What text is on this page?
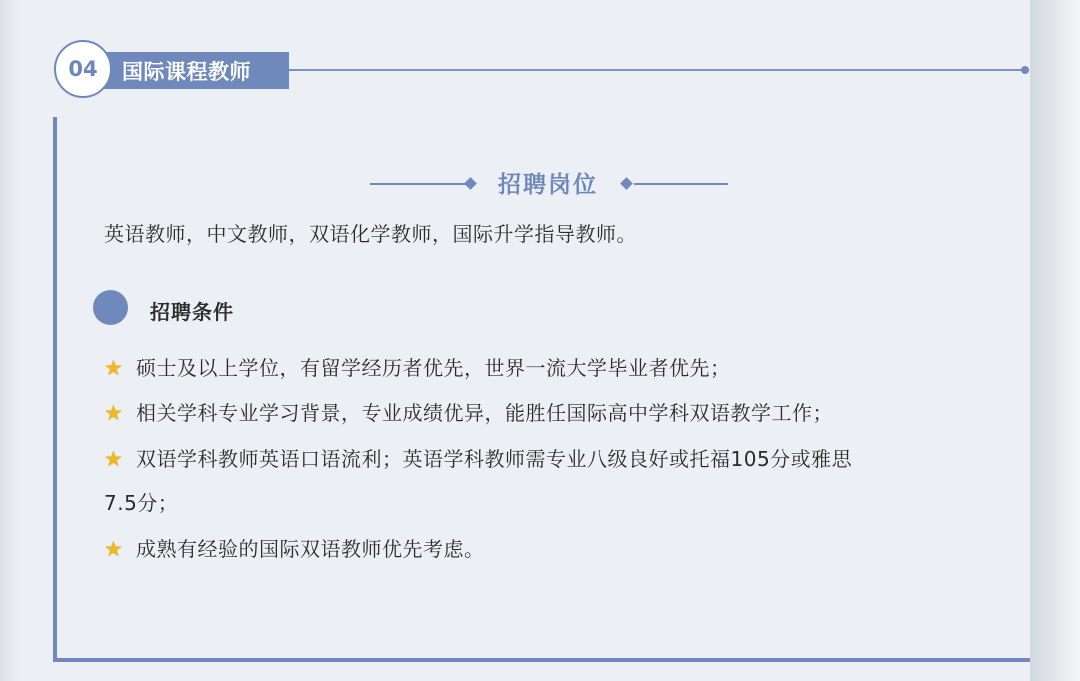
国际课程教师
04
招聘岗位
英语教师，中文教师，双语化学教师，国际升学指导教师。
招聘条件
★ 硕士及以上学位，有留学经历者优先，世界一流大学毕业者优先；
★ 相关学科专业学习背景，专业成绩优异，能胜任国际高中学科双语教学工作；
★ 双语学科教师英语口语流利；英语学科教师需专业八级良好或托福105分或雅思
7.5分；
★ 成熟有经验的国际双语教师优先考虑。
